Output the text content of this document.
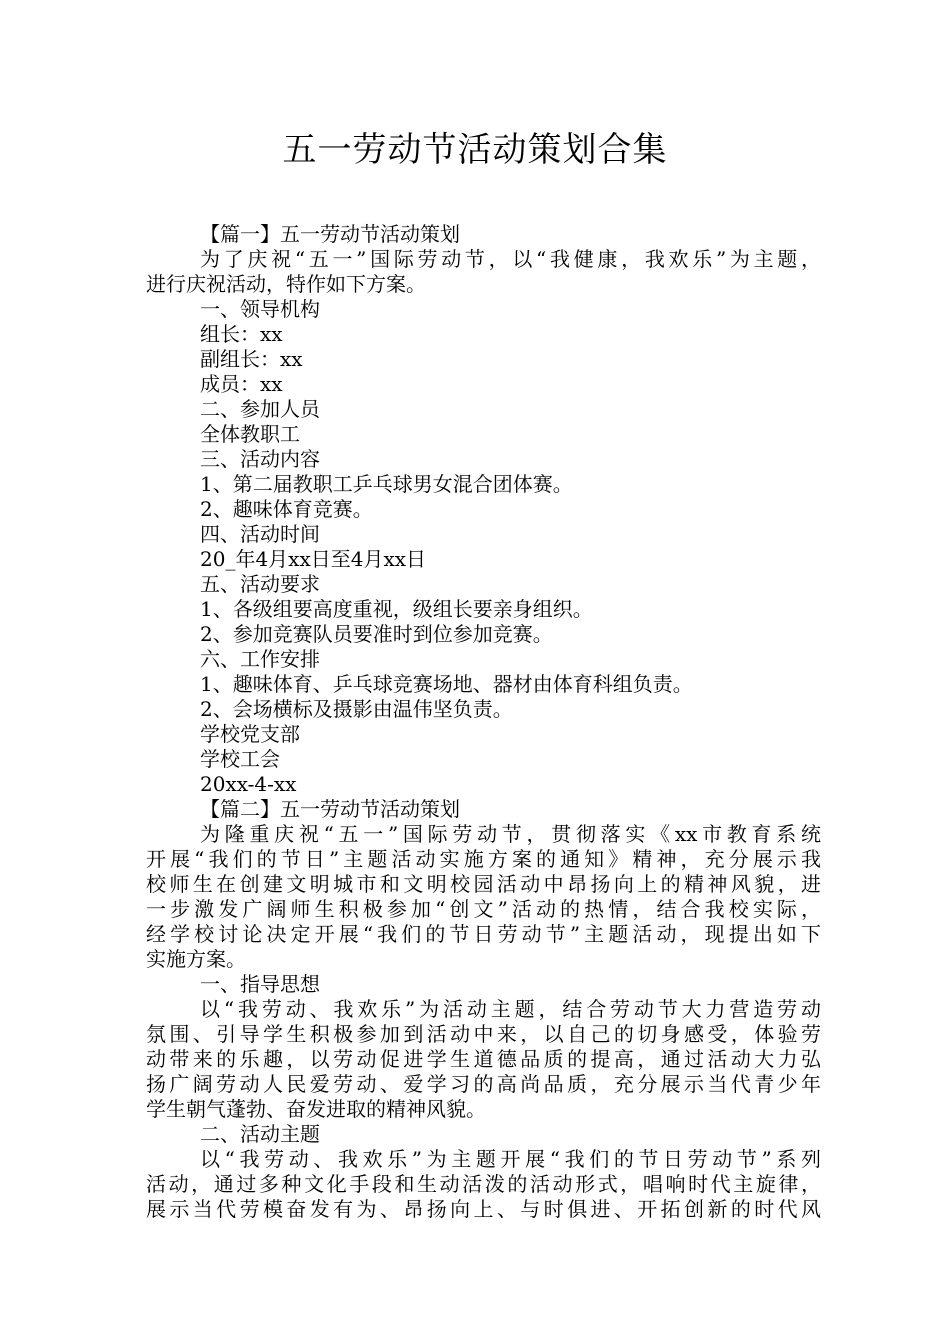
五一劳动节活动策划合集
【篇一】五一劳动节活动策划
为了庆祝“五一”国际劳动节，以“我健康，我欢乐”为主题，
进行庆祝活动，特作如下方案。
一、领导机构
组长：xx
副组长：xx
成员：xx
二、参加人员
全体教职工
三、活动内容
1、第二届教职工乒乓球男女混合团体赛。
2、趣味体育竞赛。
四、活动时间
20_年4月xx日至4月xx日
五、活动要求
1、各级组要高度重视，级组长要亲身组织。
2、参加竞赛队员要准时到位参加竞赛。
六、工作安排
1、趣味体育、乒乓球竞赛场地、器材由体育科组负责。
2、会场横标及摄影由温伟坚负责。
学校党支部
学校工会
20xx-4-xx
【篇二】五一劳动节活动策划
为隆重庆祝“五一”国际劳动节，贯彻落实《xx市教育系统
开展“我们的节日”主题活动实施方案的通知》精神，充分展示我
校师生在创建文明城市和文明校园活动中昂扬向上的精神风貌，进
一步激发广阔师生积极参加“创文”活动的热情，结合我校实际，
经学校讨论决定开展“我们的节日劳动节”主题活动，现提出如下
实施方案。
一、指导思想
以“我劳动、我欢乐”为活动主题，结合劳动节大力营造劳动
氛围、引导学生积极参加到活动中来，以自己的切身感受，体验劳
动带来的乐趣，以劳动促进学生道德品质的提高，通过活动大力弘
扬广阔劳动人民爱劳动、爱学习的高尚品质，充分展示当代青少年
学生朝气蓬勃、奋发进取的精神风貌。
二、活动主题
以“我劳动、我欢乐”为主题开展“我们的节日劳动节”系列
活动，通过多种文化手段和生动活泼的活动形式，唱响时代主旋律，
展示当代劳模奋发有为、昂扬向上、与时俱进、开拓创新的时代风
